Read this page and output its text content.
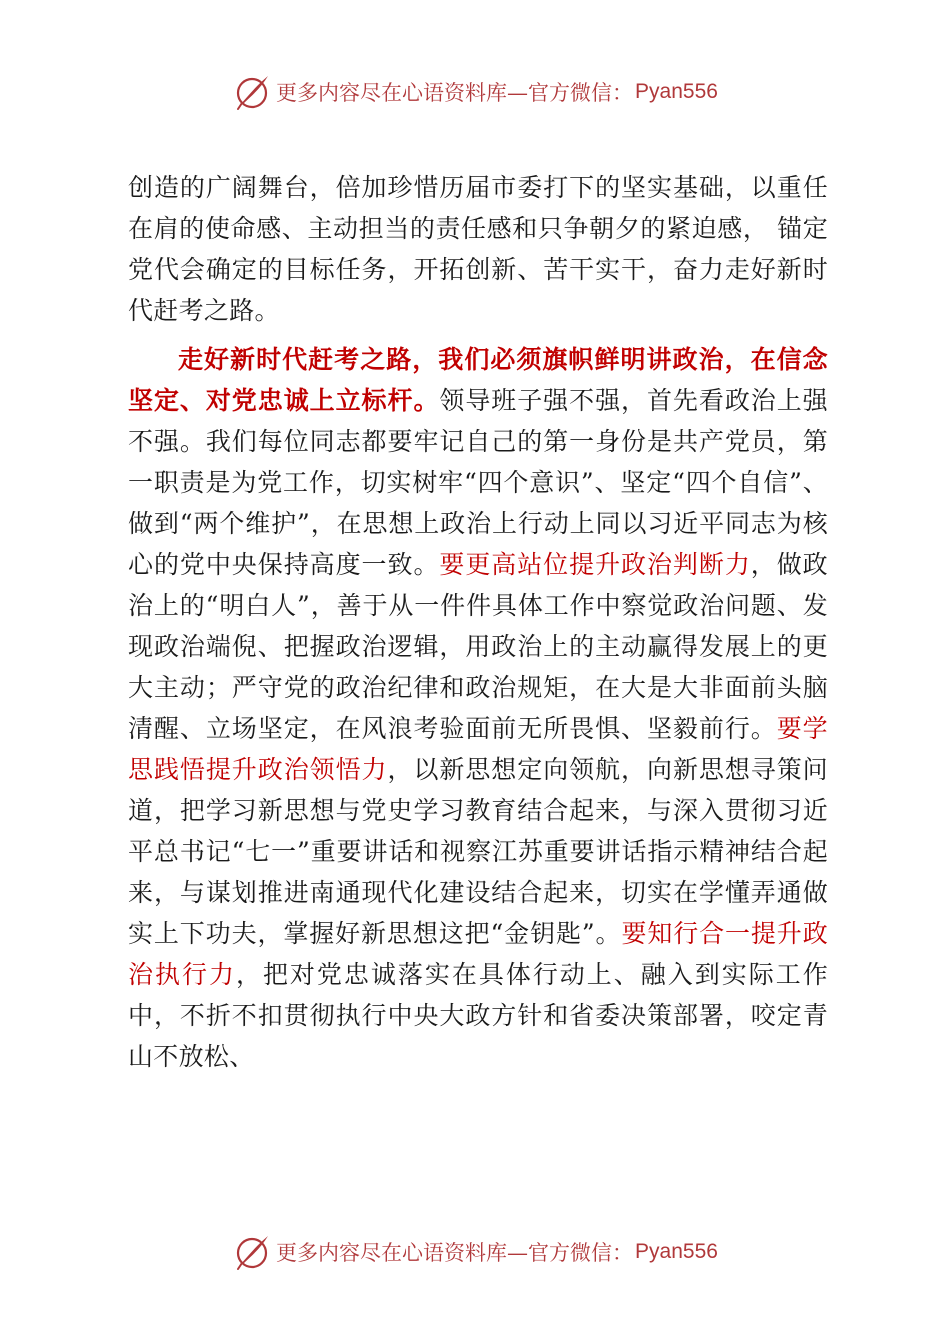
更多内容尽在心语资料库—官方微信： Pyan556

创造的广阔舞台，倍加珍惜历届市委打下的坚实基础，以重任在肩的使命感、主动担当的责任感和只争朝夕的紧迫感， 锚定党代会确定的目标任务，开拓创新、苦干实干，奋力走好新时代赶考之路。

走好新时代赶考之路，我们必须旗帜鲜明讲政治，在信念坚定、对党忠诚上立标杆。领导班子强不强，首先看政治上强不强。我们每位同志都要牢记自己的第一身份是共产党员，第一职责是为党工作，切实树牢“四个意识”、坚定“四个自信”、做到“两个维护”，在思想上政治上行动上同以习近平同志为核心的党中央保持高度一致。要更高站位提升政治判断力，做政治上的“明白人”，善于从一件件具体工作中察觉政治问题、发现政治端倪、把握政治逻辑，用政治上的主动赢得发展上的更大主动；严守党的政治纪律和政治规矩，在大是大非面前头脑清醒、立场坚定，在风浪考验面前无所畏惧、坚毅前行。要学思践悟提升政治领悟力，以新思想定向领航，向新思想寻策问道，把学习新思想与党史学习教育结合起来，与深入贯彻习近平总书记“七一”重要讲话和视察江苏重要讲话指示精神结合起来，与谋划推进南通现代化建设结合起来，切实在学懂弄通做实上下功夫，掌握好新思想这把“金钥匙”。要知行合一提升政治执行力，把对党忠诚落实在具体行动上、融入到实际工作中，不折不扣贯彻执行中央大政方针和省委决策部署，咬定青山不放松、

更多内容尽在心语资料库—官方微信： Pyan556
